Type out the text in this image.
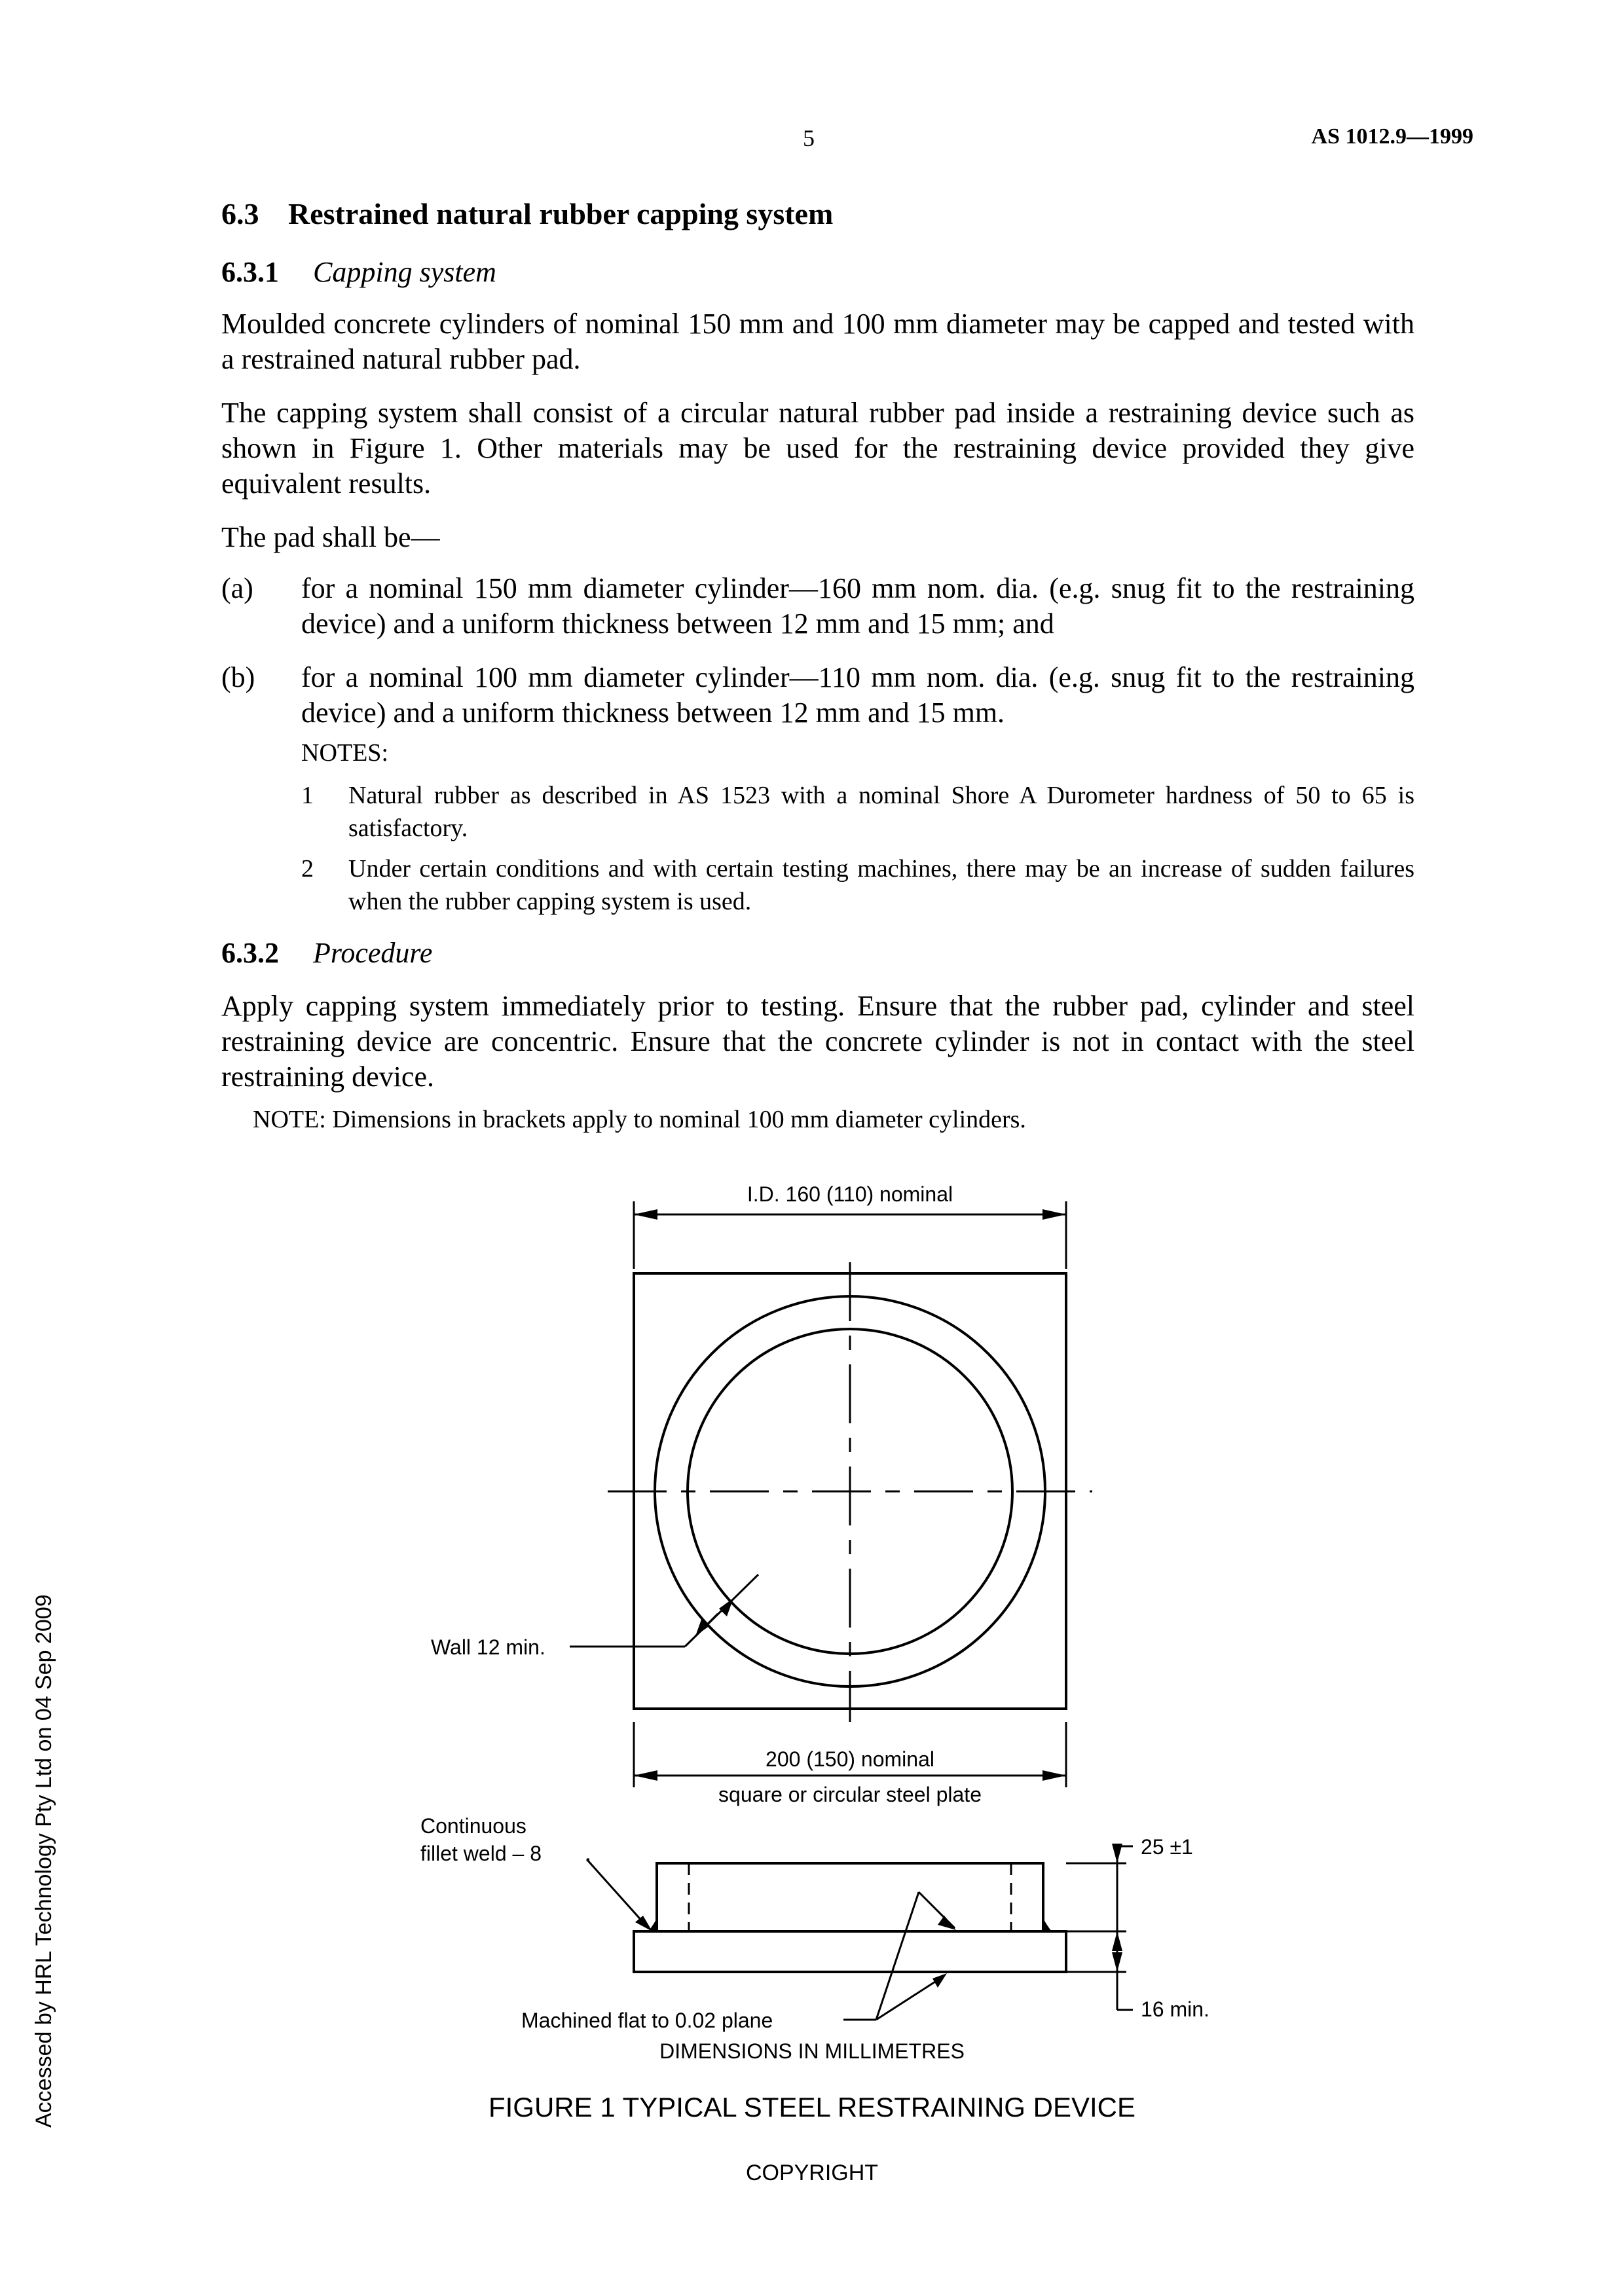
5	AS 1012.9—1999
6.3 Restrained natural rubber capping system
6.3.1 Capping system
Moulded concrete cylinders of nominal 150 mm and 100 mm diameter may be capped and tested with a restrained natural rubber pad.
The capping system shall consist of a circular natural rubber pad inside a restraining device such as shown in Figure 1. Other materials may be used for the restraining device provided they give equivalent results.
The pad shall be—
(a) for a nominal 150 mm diameter cylinder—160 mm nom. dia. (e.g. snug fit to the restraining device) and a uniform thickness between 12 mm and 15 mm; and
(b) for a nominal 100 mm diameter cylinder—110 mm nom. dia. (e.g. snug fit to the restraining device) and a uniform thickness between 12 mm and 15 mm.
NOTES:
1 Natural rubber as described in AS 1523 with a nominal Shore A Durometer hardness of 50 to 65 is satisfactory.
2 Under certain conditions and with certain testing machines, there may be an increase of sudden failures when the rubber capping system is used.
6.3.2 Procedure
Apply capping system immediately prior to testing. Ensure that the rubber pad, cylinder and steel restraining device are concentric. Ensure that the concrete cylinder is not in contact with the steel restraining device.
NOTE: Dimensions in brackets apply to nominal 100 mm diameter cylinders.
I.D. 160 (110) nominal
Wall 12 min.
200 (150) nominal
square or circular steel plate
Continuous
fillet weld – 8
Machined flat to 0.02 plane
25 ±1
16 min.
DIMENSIONS IN MILLIMETRES
FIGURE 1 TYPICAL STEEL RESTRAINING DEVICE
COPYRIGHT
Accessed by HRL Technology Pty Ltd on 04 Sep 2009
